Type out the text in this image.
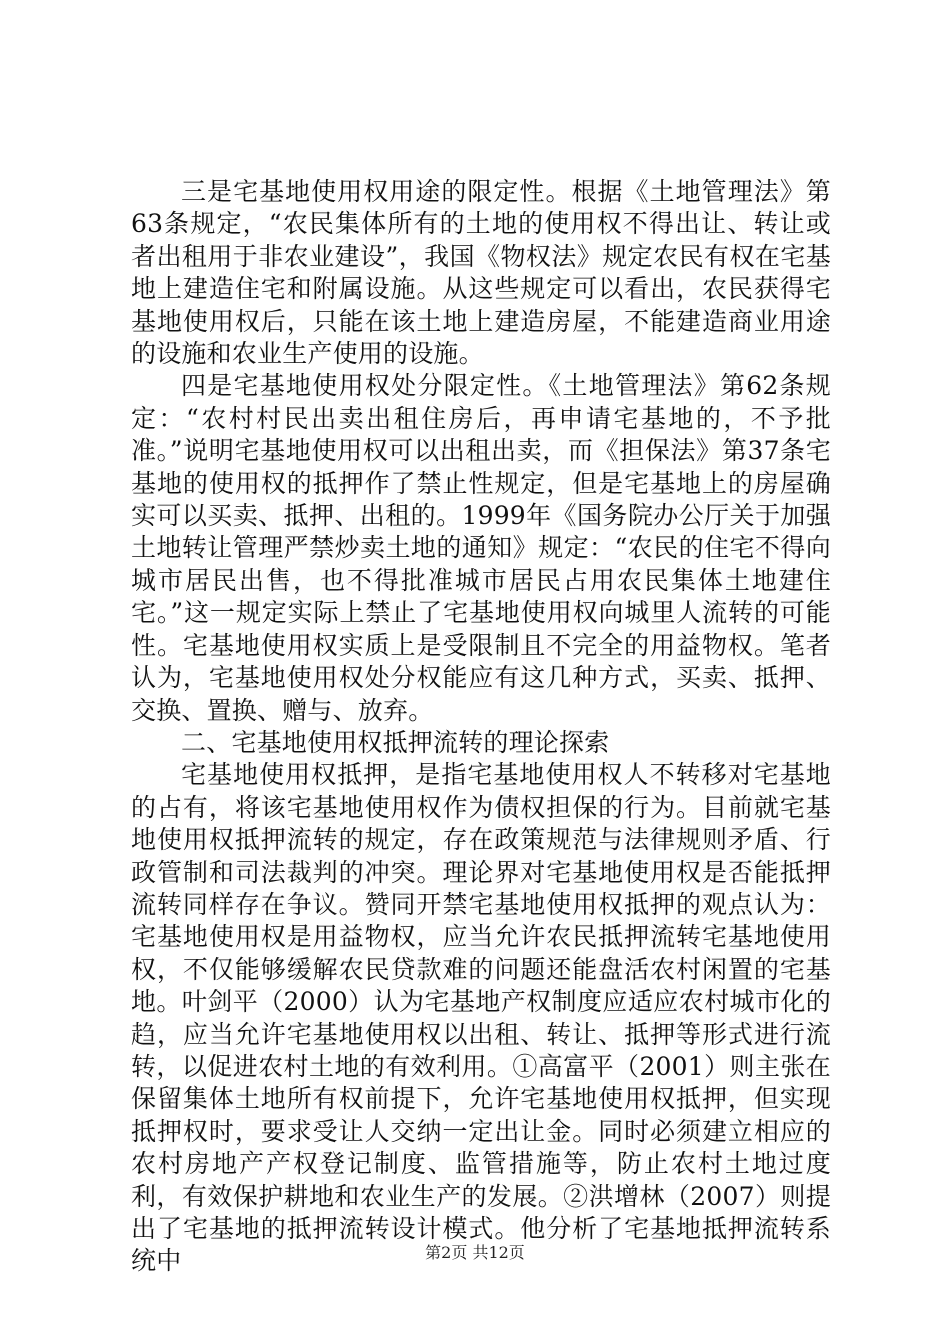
三是宅基地使用权用途的限定性。根据《土地管理法》第63条规定，“农民集体所有的土地的使用权不得出让、转让或者出租用于非农业建设”，我国《物权法》规定农民有权在宅基地上建造住宅和附属设施。从这些规定可以看出，农民获得宅基地使用权后，只能在该土地上建造房屋，不能建造商业用途的设施和农业生产使用的设施。

四是宅基地使用权处分限定性。《土地管理法》第62条规定：“农村村民出卖出租住房后，再申请宅基地的，不予批准。”说明宅基地使用权可以出租出卖，而《担保法》第37条宅基地的使用权的抵押作了禁止性规定，但是宅基地上的房屋确实可以买卖、抵押、出租的。1999年《国务院办公厅关于加强土地转让管理严禁炒卖土地的通知》规定：“农民的住宅不得向城市居民出售，也不得批准城市居民占用农民集体土地建住宅。”这一规定实际上禁止了宅基地使用权向城里人流转的可能性。宅基地使用权实质上是受限制且不完全的用益物权。笔者认为，宅基地使用权处分权能应有这几种方式，买卖、抵押、交换、置换、赠与、放弃。

二、宅基地使用权抵押流转的理论探索

宅基地使用权抵押，是指宅基地使用权人不转移对宅基地的占有，将该宅基地使用权作为债权担保的行为。目前就宅基地使用权抵押流转的规定，存在政策规范与法律规则矛盾、行政管制和司法裁判的冲突。理论界对宅基地使用权是否能抵押流转同样存在争议。赞同开禁宅基地使用权抵押的观点认为：宅基地使用权是用益物权，应当允许农民抵押流转宅基地使用权，不仅能够缓解农民贷款难的问题还能盘活农村闲置的宅基地。叶剑平（2000）认为宅基地产权制度应适应农村城市化的趋，应当允许宅基地使用权以出租、转让、抵押等形式进行流转，以促进农村土地的有效利用。①高富平（2001）则主张在保留集体土地所有权前提下，允许宅基地使用权抵押，但实现抵押权时，要求受让人交纳一定出让金。同时必须建立相应的农村房地产产权登记制度、监管措施等，防止农村土地过度利，有效保护耕地和农业生产的发展。②洪增林（2007）则提出了宅基地的抵押流转设计模式。他分析了宅基地抵押流转系统中	第2页 共12页
